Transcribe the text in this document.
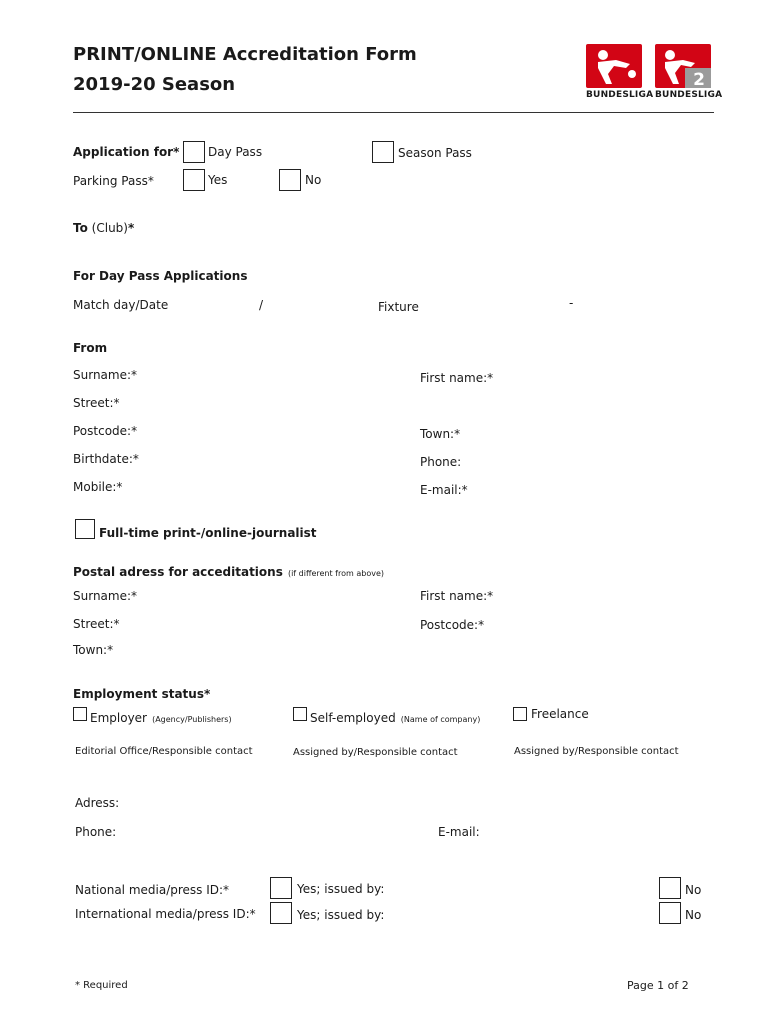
PRINT/ONLINE Accreditation Form
2019-20 Season	BUNDESLIGA
2
BUNDESLIGA
Application for* Day Pass	Season Pass
Parking Pass*	Yes	No
To (Club)*
For Day Pass Applications
Match day/Date	/	Fixture	-
From
Surname:*	First name:*
Street:*
Postcode:*	Town:*
Birthdate:*	Phone:
Mobile:*	E-mail:*
Full-time print-/online-journalist
Postal adress for acceditations (if different from above)
Surname:*	First name:*
Street:*	Postcode:*
Town:*
Employment status*
Employer (Agency/Publishers)	Self-employed (Name of company)	Freelance
Editorial Office/Responsible contact	Assigned by/Responsible contact	Assigned by/Responsible contact
Adress:
Phone:	E-mail:
National media/press ID:*	Yes; issued by:	No
International media/press ID:*	Yes; issued by:	No
* Required	Page 1 of 2
